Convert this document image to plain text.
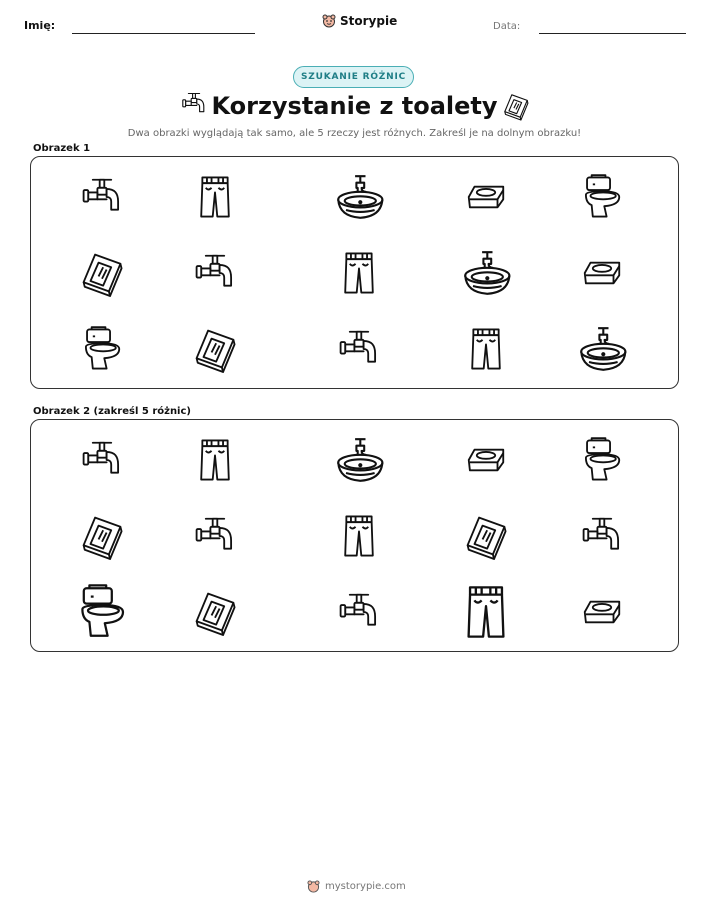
Imię:	Storypie	Data:
SZUKANIE RÓŻNIC
Korzystanie z toalety
Dwa obrazki wyglądają tak samo, ale 5 rzeczy jest różnych. Zakreśl je na dolnym obrazku!
Obrazek 1
Obrazek 2 (zakreśl 5 różnic)
mystorypie.com
